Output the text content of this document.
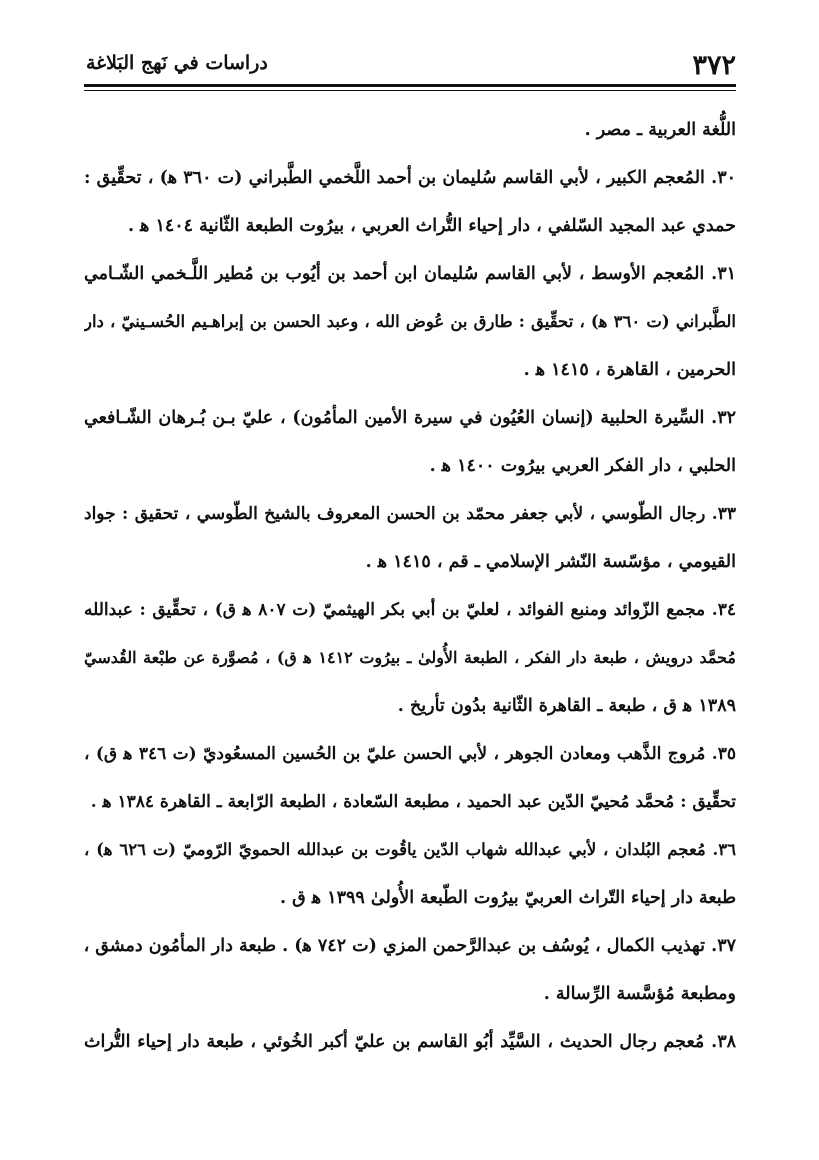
٣٧٢
دراسات في نَهج البَلاغة
اللُّغة العربية ـ مصر .
٣٠. المُعجم الكبير ، لأبي القاسم سُليمان بن أحمد اللَّخمي الطَّبراني (ت ٣٦٠ ﻫ) ، تحقِّيق :
حمدي عبد المجيد السّلفي ، دار إحياء التُّراث العربي ، بيرُوت الطبعة الثّانية ١٤٠٤ ﻫ .
٣١. المُعجم الأوسط ، لأبي القاسم سُليمان ابن أحمد بن أيُوب بن مُطير اللَّـخمي الشّـامي
الطَّبراني (ت ٣٦٠ ﻫ) ، تحقِّيق : طارق بن عُوض الله ، وعبد الحسن بن إبراهـيم الحُسـينيّ ، دار
الحرمين ، القاهرة ، ١٤١٥ ﻫ .
٣٢. السِّيرة الحلبية (إنسان العُيُون في سيرة الأمين المأمُون) ، عليّ بـن بُـرهان الشّـافعي
الحلبي ، دار الفكر العربي بيرُوت ١٤٠٠ ﻫ .
٣٣. رجال الطّوسي ، لأبي جعفر محمّد بن الحسن المعروف بالشيخ الطّوسي ، تحقيق : جواد
القيومي ، مؤسّسة النّشر الإسلامي ـ قم ، ١٤١٥ ﻫ .
٣٤. مجمع الزّوائد ومنبع الفوائد ، لعليّ بن أبي بكر الهيثميّ (ت ٨٠٧ ﻫ ق) ، تحقِّيق : عبدالله
مُحمَّد درويش ، طبعة دار الفكر ، الطبعة الأُولىٰ ـ بيرُوت ١٤١٢ ﻫ ق) ، مُصوَّرة عن طبْعة القُدسيّ
١٣٨٩ ﻫ ق ، طبعة ـ القاهرة الثّانية بدُون تأريخ .
٣٥. مُروج الذَّهب ومعادن الجوهر ، لأبي الحسن عليّ بن الحُسين المسعُوديّ (ت ٣٤٦ ﻫ ق) ،
تحقِّيق : مُحمَّد مُحييّ الدّين عبد الحميد ، مطبعة السّعادة ، الطبعة الرّابعة ـ القاهرة ١٣٨٤ ﻫ .
٣٦. مُعجم البُلدان ، لأبي عبدالله شهاب الدّين ياقُوت بن عبدالله الحمويّ الرّوميّ (ت ٦٢٦ ﻫ) ،
طبعة دار إحياء التّراث العربيّ بيرُوت الطّبعة الأُولىٰ ١٣٩٩ ﻫ ق .
٣٧. تهذيب الكمال ، يُوسُف بن عبدالرَّحمن المزي (ت ٧٤٢ ﻫ) . طبعة دار المأمُون دمشق ،
ومطبعة مُؤسَّسة الرِّسالة .
٣٨. مُعجم رجال الحديث ، السَّيِّد أبُو القاسم بن عليّ أكبر الخُوئي ، طبعة دار إحياء التُّراث
